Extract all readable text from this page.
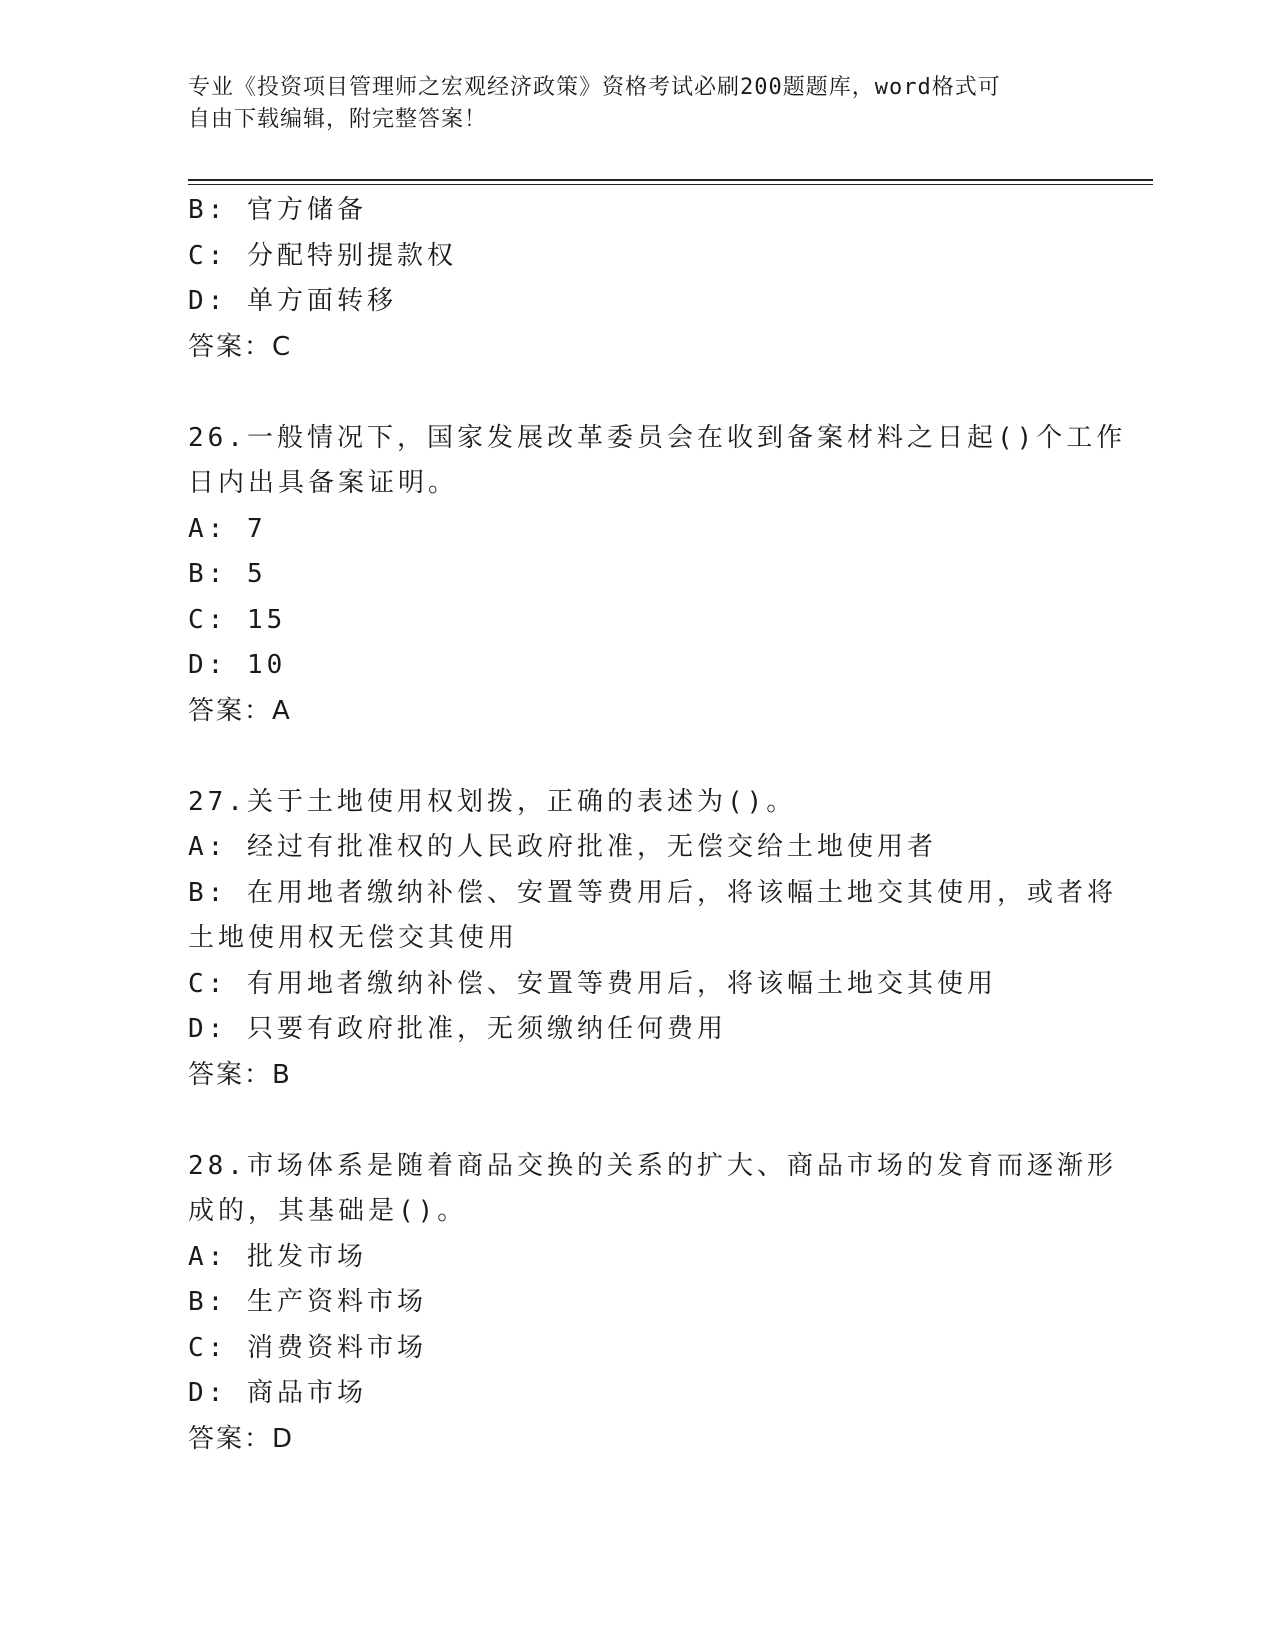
专业《投资项目管理师之宏观经济政策》资格考试必刷200题题库，word格式可
自由下载编辑，附完整答案！
B: 官方储备
C: 分配特别提款权
D: 单方面转移
答案：C
26.一般情况下，国家发展改革委员会在收到备案材料之日起()个工作
日内出具备案证明。
A: 7
B: 5
C: 15
D: 10
答案：A
27.关于土地使用权划拨，正确的表述为()。
A: 经过有批准权的人民政府批准，无偿交给土地使用者
B: 在用地者缴纳补偿、安置等费用后，将该幅土地交其使用，或者将
土地使用权无偿交其使用
C: 有用地者缴纳补偿、安置等费用后，将该幅土地交其使用
D: 只要有政府批准，无须缴纳任何费用
答案：B
28.市场体系是随着商品交换的关系的扩大、商品市场的发育而逐渐形
成的，其基础是()。
A: 批发市场
B: 生产资料市场
C: 消费资料市场
D: 商品市场
答案：D
